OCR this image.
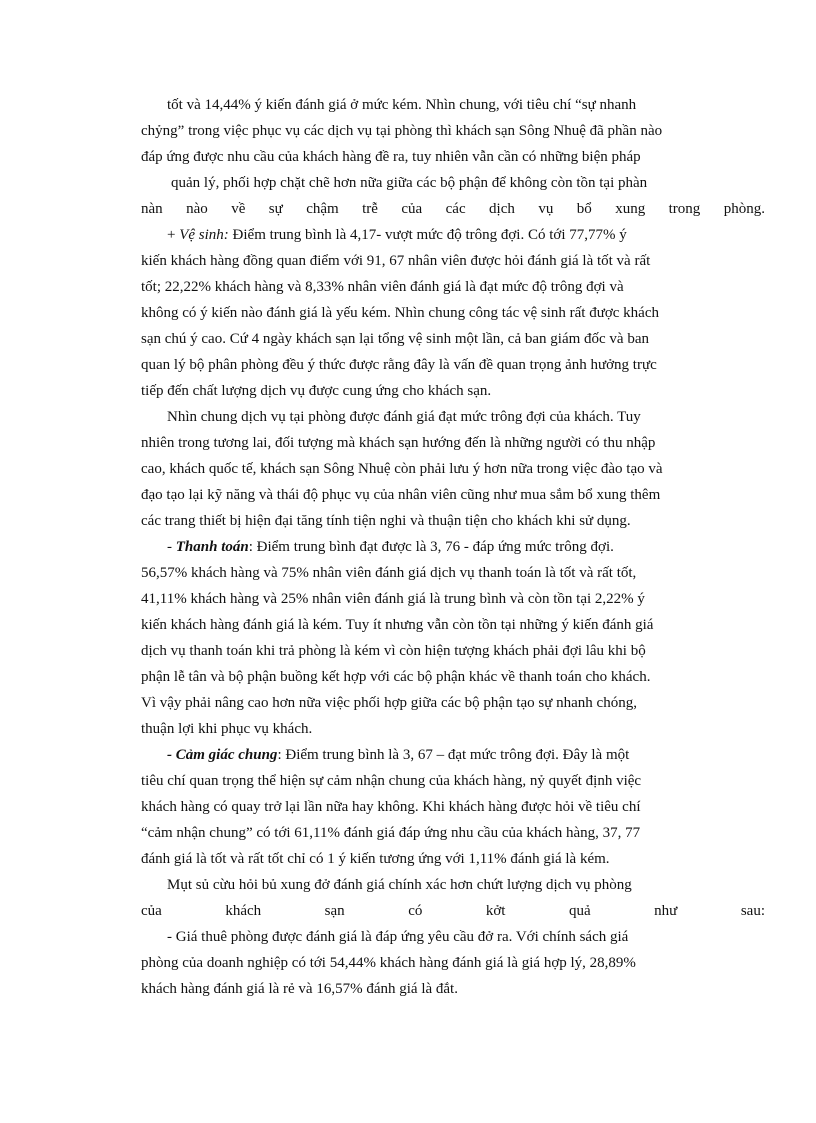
tốt và 14,44% ý kiến đánh giá ở mức kém. Nhìn chung, với tiêu chí “sự nhanh
chỷng” trong việc phục vụ các dịch vụ tại phòng thì khách sạn Sông Nhuệ đã phần nào
đáp ứng được nhu cầu của khách hàng đề ra, tuy nhiên vẫn cần có những biện pháp
quản lý, phối hợp chặt chẽ hơn nữa giữa các bộ phận để không còn tồn tại phàn
nàn nào về sự chậm trễ của các dịch vụ bổ xung trong phòng.

+ Vệ sinh: Điểm trung bình là 4,17- vượt mức độ trông đợi. Có tới 77,77% ý
kiến khách hàng đồng quan điểm với 91, 67 nhân viên được hỏi đánh giá là tốt và rất
tốt; 22,22% khách hàng và 8,33% nhân viên đánh giá là đạt mức độ trông đợi và
không có ý kiến nào đánh giá là yếu kém. Nhìn chung công tác vệ sinh rất được khách
sạn chú ý cao. Cứ 4 ngày khách sạn lại tổng vệ sinh một lần, cả ban giám đốc và ban
quan lý bộ phân phòng đều ý thức được rằng đây là vấn đề quan trọng ảnh hưởng trực
tiếp đến chất lượng dịch vụ được cung ứng cho khách sạn.

Nhìn chung dịch vụ tại phòng được đánh giá đạt mức trông đợi của khách. Tuy
nhiên trong tương lai, đối tượng mà khách sạn hướng đến là những người có thu nhập
cao, khách quốc tế, khách sạn Sông Nhuệ còn phải lưu ý hơn nữa trong việc đào tạo và
đạo tạo lại kỹ năng và thái độ phục vụ của nhân viên cũng như mua sắm bổ xung thêm
các trang thiết bị hiện đại tăng tính tiện nghi và thuận tiện cho khách khi sử dụng.

- Thanh toán: Điểm trung bình đạt được là 3, 76 - đáp ứng mức trông đợi.
56,57% khách hàng và 75% nhân viên đánh giá dịch vụ thanh toán là tốt và rất tốt,
41,11% khách hàng và 25% nhân viên đánh giá là trung bình và còn tồn tại 2,22% ý
kiến khách hàng đánh giá là kém. Tuy ít nhưng vẫn còn tồn tại những ý kiến đánh giá
dịch vụ thanh toán khi trả phòng là kém vì còn hiện tượng khách phải đợi lâu khi bộ
phận lễ tân và bộ phận buồng kết hợp với các bộ phận khác về thanh toán cho khách.
Vì vậy phải nâng cao hơn nữa việc phối hợp giữa các bộ phận tạo sự nhanh chóng,
thuận lợi khi phục vụ khách.

- Cảm giác chung: Điểm trung bình là 3, 67 – đạt mức trông đợi. Đây là một
tiêu chí quan trọng thể hiện sự cảm nhận chung của khách hàng, nỷ quyết định việc
khách hàng có quay trở lại lần nữa hay không. Khi khách hàng được hỏi về tiêu chí
“cảm nhận chung” có tới 61,11% đánh giá đáp ứng nhu cầu của khách hàng, 37, 77
đánh giá là tốt và rất tốt chỉ có 1 ý kiến tương ứng với 1,11% đánh giá là kém.

Mụt sủ cừu hỏi bủ xung đở đánh giá chính xác hơn chứt lượng dịch vụ phòng
của khách sạn có kởt quả như sau:

- Giá thuê phòng được đánh giá là đáp ứng yêu cầu đở ra. Với chính sách giá
phòng của doanh nghiệp có tới 54,44% khách hàng đánh giá là giá hợp lý, 28,89%
khách hàng đánh giá là rẻ và 16,57% đánh giá là đắt.
